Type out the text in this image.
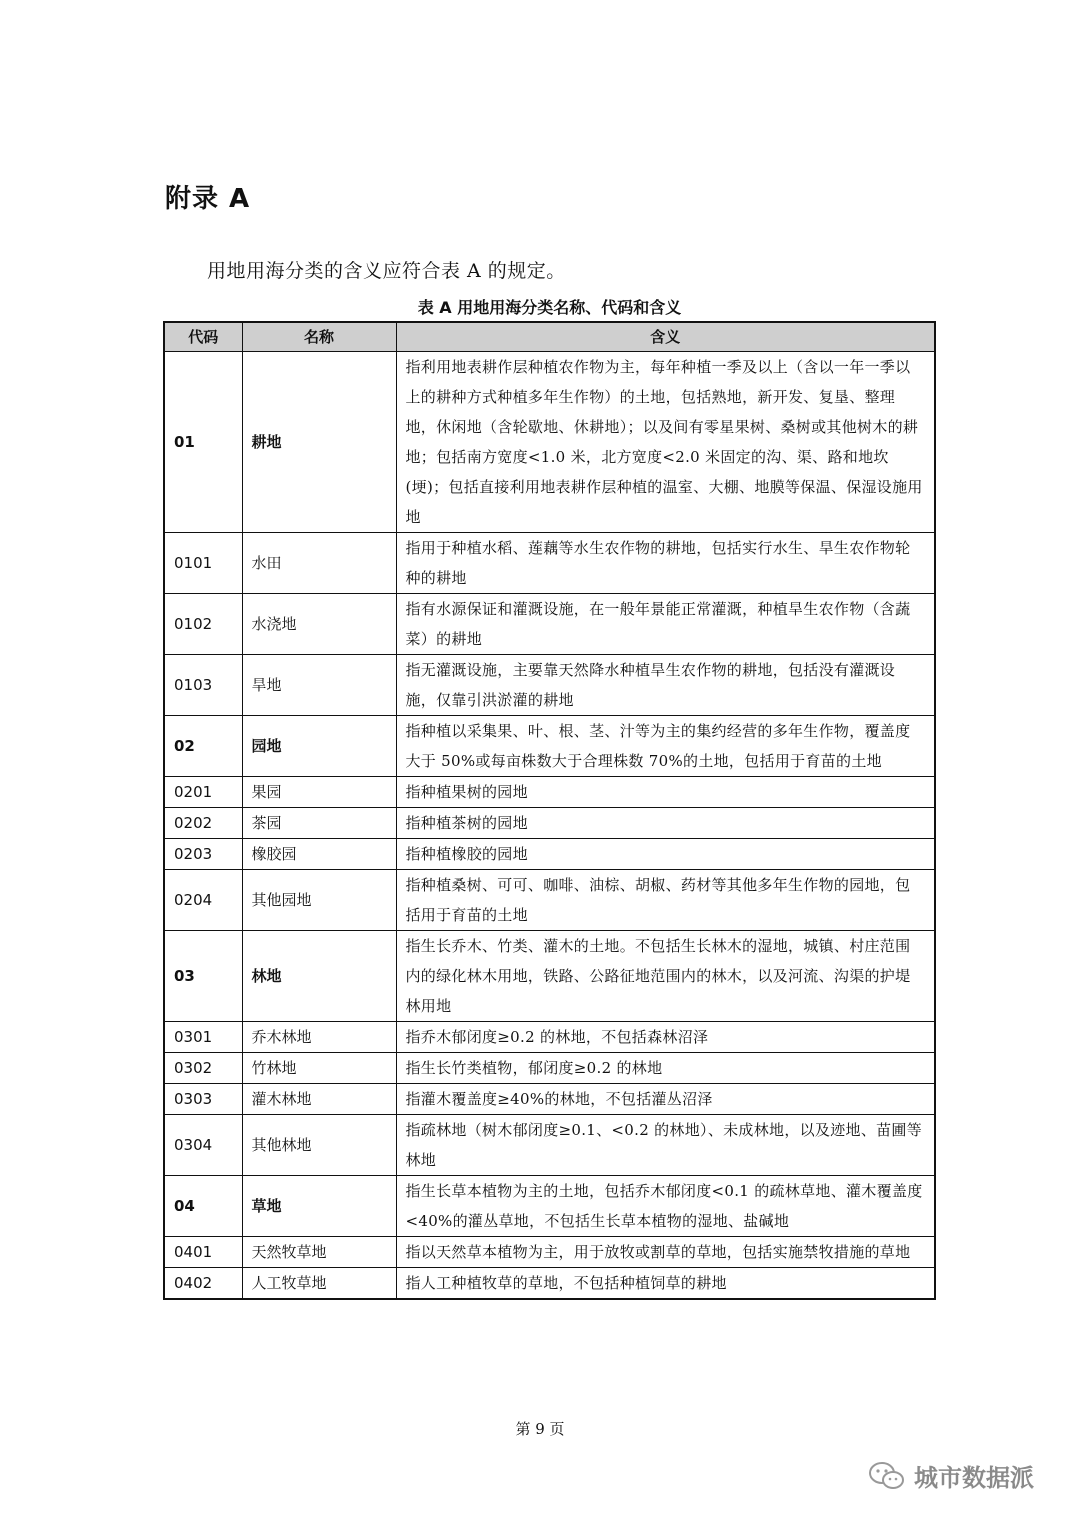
附录 A
用地用海分类的含义应符合表 A 的规定。
表 A 用地用海分类名称、代码和含义
代码	名称	含义
01	耕地	指利用地表耕作层种植农作物为主，每年种植一季及以上（含以一年一季以上的耕种方式种植多年生作物）的土地，包括熟地，新开发、复垦、整理地，休闲地（含轮歇地、休耕地）；以及间有零星果树、桑树或其他树木的耕地；包括南方宽度<1.0 米，北方宽度<2.0 米固定的沟、渠、路和地坎(埂)；包括直接利用地表耕作层种植的温室、大棚、地膜等保温、保湿设施用地
0101	水田	指用于种植水稻、莲藕等水生农作物的耕地，包括实行水生、旱生农作物轮种的耕地
0102	水浇地	指有水源保证和灌溉设施，在一般年景能正常灌溉，种植旱生农作物（含蔬菜）的耕地
0103	旱地	指无灌溉设施，主要靠天然降水种植旱生农作物的耕地，包括没有灌溉设施，仅靠引洪淤灌的耕地
02	园地	指种植以采集果、叶、根、茎、汁等为主的集约经营的多年生作物，覆盖度大于 50%或每亩株数大于合理株数 70%的土地，包括用于育苗的土地
0201	果园	指种植果树的园地
0202	茶园	指种植茶树的园地
0203	橡胶园	指种植橡胶的园地
0204	其他园地	指种植桑树、可可、咖啡、油棕、胡椒、药材等其他多年生作物的园地，包括用于育苗的土地
03	林地	指生长乔木、竹类、灌木的土地。不包括生长林木的湿地，城镇、村庄范围内的绿化林木用地，铁路、公路征地范围内的林木，以及河流、沟渠的护堤林用地
0301	乔木林地	指乔木郁闭度≥0.2 的林地，不包括森林沼泽
0302	竹林地	指生长竹类植物，郁闭度≥0.2 的林地
0303	灌木林地	指灌木覆盖度≥40%的林地，不包括灌丛沼泽
0304	其他林地	指疏林地（树木郁闭度≥0.1、<0.2 的林地）、未成林地，以及迹地、苗圃等林地
04	草地	指生长草本植物为主的土地，包括乔木郁闭度<0.1 的疏林草地、灌木覆盖度<40%的灌丛草地，不包括生长草本植物的湿地、盐碱地
0401	天然牧草地	指以天然草本植物为主，用于放牧或割草的草地，包括实施禁牧措施的草地
0402	人工牧草地	指人工种植牧草的草地，不包括种植饲草的耕地
第 9 页
城市数据派
